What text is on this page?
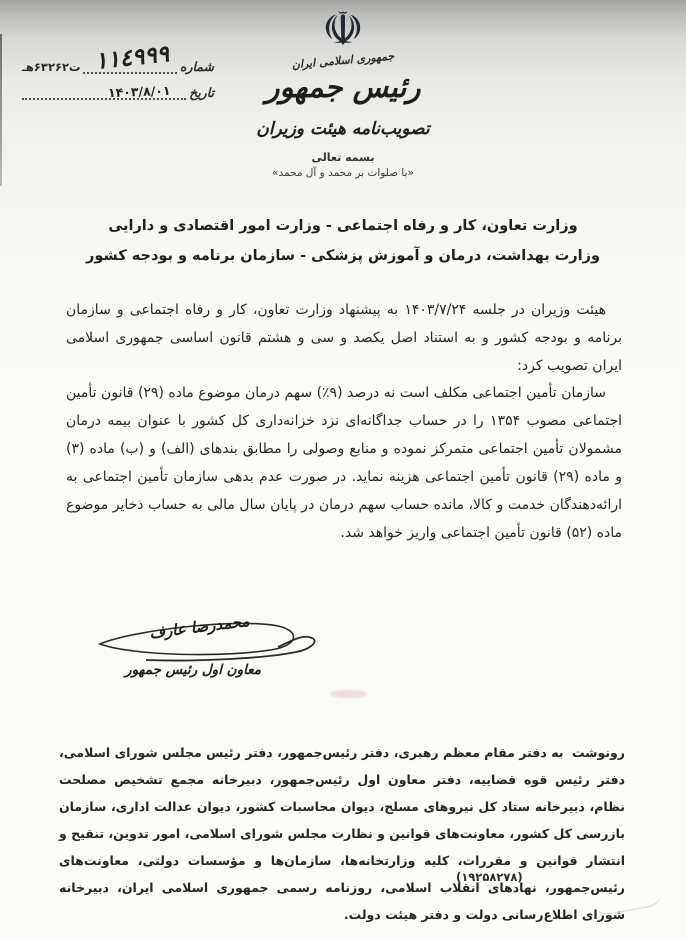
☫
جمهوری اسلامی ایران
رئیس جمهور
تصویب‌نامه هیئت وزیران
بسمه تعالی
«با صلوات بر محمد و آل محمد»
شماره
١١٤٩٩٩
ت۶۳۲۶۲هـ
تاریخ
۱۴۰۳/۸/۰۱
وزارت تعاون، کار و رفاه اجتماعی - وزارت امور اقتصادی و دارایی
وزارت بهداشت، درمان و آموزش پزشکی - سازمان برنامه و بودجه کشور

هیئت وزیران در جلسه ۱۴۰۳/۷/۲۴ به پیشنهاد وزارت تعاون، کار و رفاه اجتماعی و سازمان برنامه و بودجه کشور و به استناد اصل یکصد و سی و هشتم قانون اساسی جمهوری اسلامی ایران تصویب کرد:

سازمان تأمین اجتماعی مکلف است نه درصد (۹٪) سهم درمان موضوع ماده (۲۹) قانون تأمین اجتماعی مصوب ۱۳۵۴ را در حساب جداگانه‌ای نزد خزانه‌داری کل کشور با عنوان بیمه درمان مشمولان تأمین اجتماعی متمرکز نموده و منابع وصولی را مطابق بندهای (الف) و (ب) ماده (۳) و ماده (۲۹) قانون تأمین اجتماعی هزینه نماید. در صورت عدم بدهی سازمان تأمین اجتماعی به ارائه‌دهندگان خدمت و کالا، مانده حساب سهم درمان در پایان سال مالی به حساب ذخایر موضوع ماده (۵۲) قانون تأمین اجتماعی واریز خواهد شد.

محمدرضا عارف
معاون اول رئیس جمهور

رونوشت به دفتر مقام معظم رهبری، دفتر رئیس‌جمهور، دفتر رئیس مجلس شورای اسلامی، دفتر رئیس قوه قضاییه، دفتر معاون اول رئیس‌جمهور، دبیرخانه مجمع تشخیص مصلحت نظام، دبیرخانه ستاد کل نیروهای مسلح، دیوان محاسبات کشور، دیوان عدالت اداری، سازمان بازرسی کل کشور، معاونت‌های قوانین و نظارت مجلس شورای اسلامی، امور تدوین، تنقیح و انتشار قوانین و مقررات، کلیه وزارتخانه‌ها، سازمان‌ها و مؤسسات دولتی، معاونت‌های رئیس‌جمهور، نهادهای انقلاب اسلامی، روزنامه رسمی جمهوری اسلامی ایران، دبیرخانه شورای اطلاع‌رسانی دولت و دفتر هیئت دولت.

(۱۹۲۵۸۲۷۸)
